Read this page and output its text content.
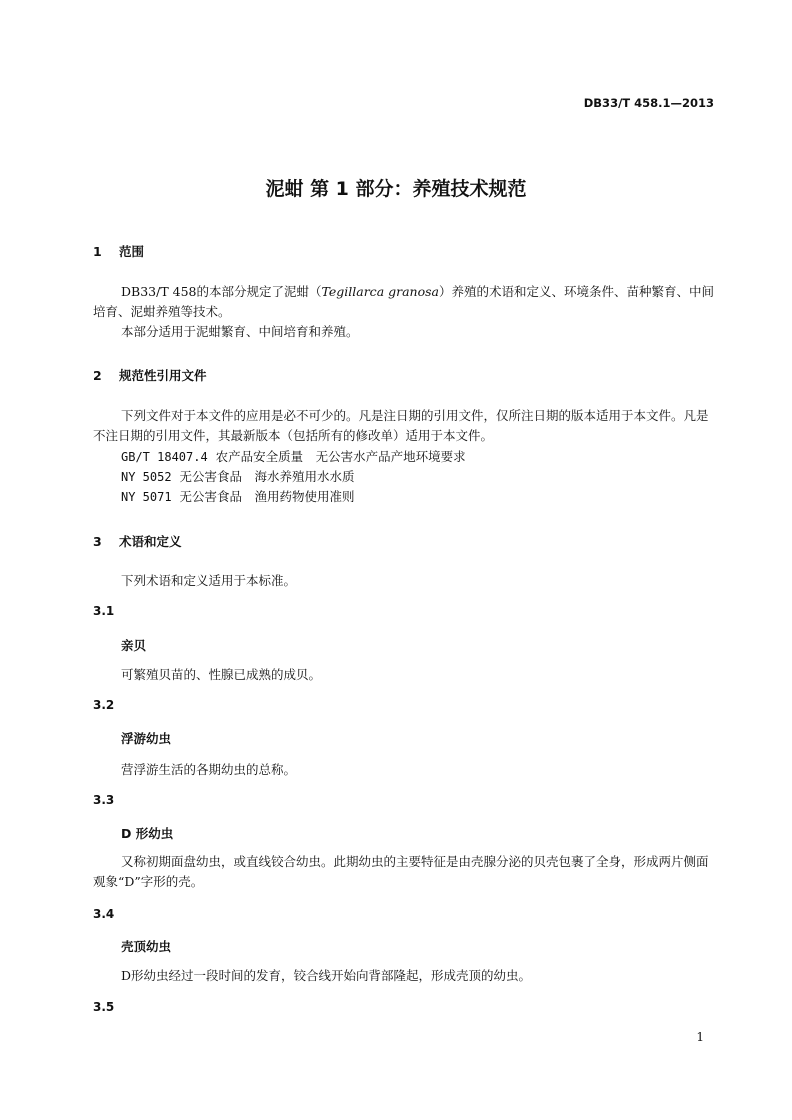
DB33/T 458.1—2013
泥蚶 第 1 部分：养殖技术规范
1 范围
DB33/T 458的本部分规定了泥蚶（Tegillarca granosa）养殖的术语和定义、环境条件、苗种繁育、中间培育、泥蚶养殖等技术。
本部分适用于泥蚶繁育、中间培育和养殖。
2 规范性引用文件
下列文件对于本文件的应用是必不可少的。凡是注日期的引用文件，仅所注日期的版本适用于本文件。凡是不注日期的引用文件，其最新版本（包括所有的修改单）适用于本文件。
GB/T 18407.4 农产品安全质量　无公害水产品产地环境要求
NY 5052 无公害食品　海水养殖用水水质
NY 5071 无公害食品　渔用药物使用准则
3 术语和定义
下列术语和定义适用于本标准。
3.1
亲贝
可繁殖贝苗的、性腺已成熟的成贝。
3.2
浮游幼虫
营浮游生活的各期幼虫的总称。
3.3
D 形幼虫
又称初期面盘幼虫，或直线铰合幼虫。此期幼虫的主要特征是由壳腺分泌的贝壳包裹了全身，形成两片侧面观象“D”字形的壳。
3.4
壳顶幼虫
D形幼虫经过一段时间的发育，铰合线开始向背部隆起，形成壳顶的幼虫。
3.5
1
